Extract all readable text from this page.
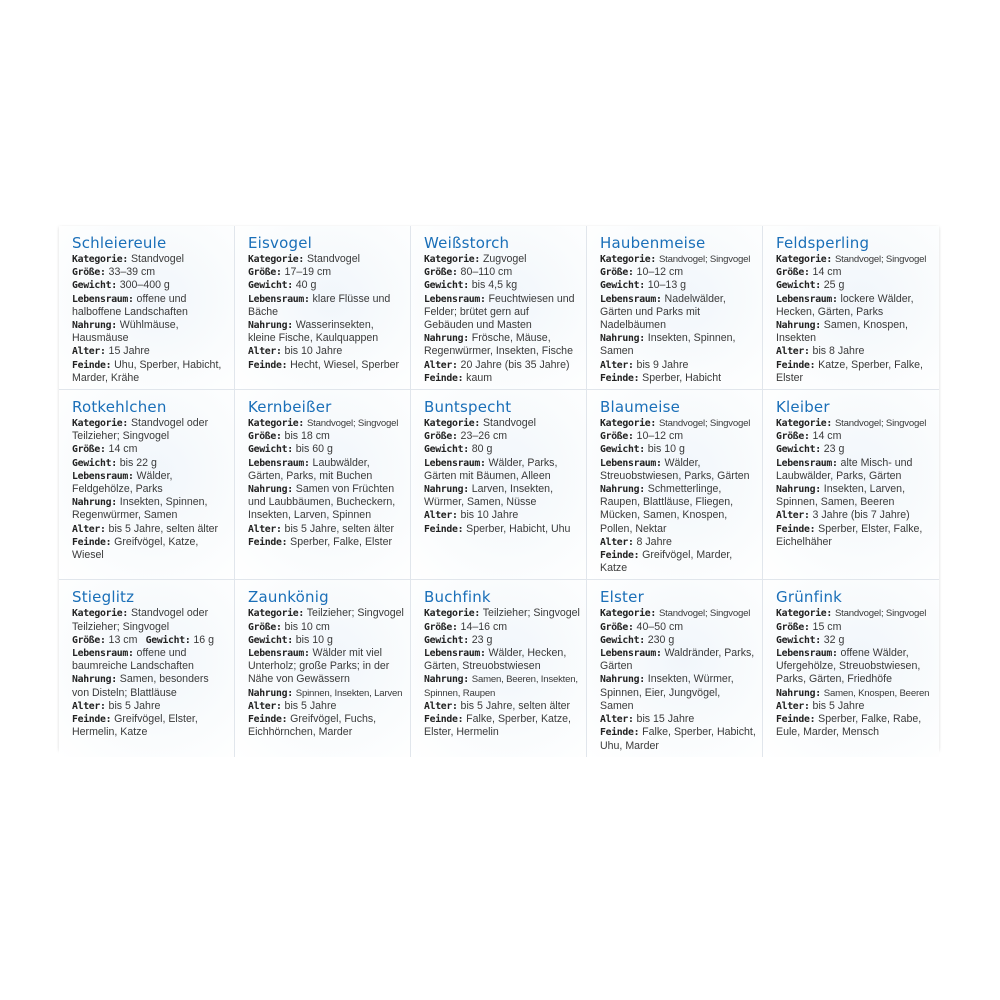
Schleiereule
Kategorie: Standvogel
Größe: 33–39 cm
Gewicht: 300–400 g
Lebensraum: offene und halboffene Landschaften
Nahrung: Wühlmäuse, Hausmäuse
Alter: 15 Jahre
Feinde: Uhu, Sperber, Habicht, Marder, Krähe
Eisvogel
Kategorie: Standvogel
Größe: 17–19 cm
Gewicht: 40 g
Lebensraum: klare Flüsse und Bäche
Nahrung: Wasserinsekten, kleine Fische, Kaulquappen
Alter: bis 10 Jahre
Feinde: Hecht, Wiesel, Sperber
Weißstorch
Kategorie: Zugvogel
Größe: 80–110 cm
Gewicht: bis 4,5 kg
Lebensraum: Feuchtwiesen und Felder; brütet gern auf Gebäuden und Masten
Nahrung: Frösche, Mäuse, Regenwürmer, Insekten, Fische
Alter: 20 Jahre (bis 35 Jahre)
Feinde: kaum
Haubenmeise
Kategorie: Standvogel; Singvogel
Größe: 10–12 cm
Gewicht: 10–13 g
Lebensraum: Nadelwälder, Gärten und Parks mit Nadelbäumen
Nahrung: Insekten, Spinnen, Samen
Alter: bis 9 Jahre
Feinde: Sperber, Habicht
Feldsperling
Kategorie: Standvogel; Singvogel
Größe: 14 cm
Gewicht: 25 g
Lebensraum: lockere Wälder, Hecken, Gärten, Parks
Nahrung: Samen, Knospen, Insekten
Alter: bis 8 Jahre
Feinde: Katze, Sperber, Falke, Elster
Rotkehlchen
Kategorie: Standvogel oder Teilzieher; Singvogel
Größe: 14 cm
Gewicht: bis 22 g
Lebensraum: Wälder, Feldgehölze, Parks
Nahrung: Insekten, Spinnen, Regenwürmer, Samen
Alter: bis 5 Jahre, selten älter
Feinde: Greifvögel, Katze, Wiesel
Kernbeißer
Kategorie: Standvogel; Singvogel
Größe: bis 18 cm
Gewicht: bis 60 g
Lebensraum: Laubwälder, Gärten, Parks, mit Buchen
Nahrung: Samen von Früchten und Laubbäumen, Bucheckern, Insekten, Larven, Spinnen
Alter: bis 5 Jahre, selten älter
Feinde: Sperber, Falke, Elster
Buntspecht
Kategorie: Standvogel
Größe: 23–26 cm
Gewicht: 80 g
Lebensraum: Wälder, Parks, Gärten mit Bäumen, Alleen
Nahrung: Larven, Insekten, Würmer, Samen, Nüsse
Alter: bis 10 Jahre
Feinde: Sperber, Habicht, Uhu
Blaumeise
Kategorie: Standvogel; Singvogel
Größe: 10–12 cm
Gewicht: bis 10 g
Lebensraum: Wälder, Streuobstwiesen, Parks, Gärten
Nahrung: Schmetterlinge, Raupen, Blattläuse, Fliegen, Mücken, Samen, Knospen, Pollen, Nektar
Alter: 8 Jahre
Feinde: Greifvögel, Marder, Katze
Kleiber
Kategorie: Standvogel; Singvogel
Größe: 14 cm
Gewicht: 23 g
Lebensraum: alte Misch- und Laubwälder, Parks, Gärten
Nahrung: Insekten, Larven, Spinnen, Samen, Beeren
Alter: 3 Jahre (bis 7 Jahre)
Feinde: Sperber, Elster, Falke, Eichelhäher
Stieglitz
Kategorie: Standvogel oder Teilzieher; Singvogel
Größe: 13 cm  Gewicht: 16 g
Lebensraum: offene und baumreiche Landschaften
Nahrung: Samen, besonders von Disteln; Blattläuse
Alter: bis 5 Jahre
Feinde: Greifvögel, Elster, Hermelin, Katze
Zaunkönig
Kategorie: Teilzieher; Singvogel
Größe: bis 10 cm
Gewicht: bis 10 g
Lebensraum: Wälder mit viel Unterholz; große Parks; in der Nähe von Gewässern
Nahrung: Spinnen, Insekten, Larven
Alter: bis 5 Jahre
Feinde: Greifvögel, Fuchs, Eichhörnchen, Marder
Buchfink
Kategorie: Teilzieher; Singvogel
Größe: 14–16 cm
Gewicht: 23 g
Lebensraum: Wälder, Hecken, Gärten, Streuobstwiesen
Nahrung: Samen, Beeren, Insekten, Spinnen, Raupen
Alter: bis 5 Jahre, selten älter
Feinde: Falke, Sperber, Katze, Elster, Hermelin
Elster
Kategorie: Standvogel; Singvogel
Größe: 40–50 cm
Gewicht: 230 g
Lebensraum: Waldränder, Parks, Gärten
Nahrung: Insekten, Würmer, Spinnen, Eier, Jungvögel, Samen
Alter: bis 15 Jahre
Feinde: Falke, Sperber, Habicht, Uhu, Marder
Grünfink
Kategorie: Standvogel; Singvogel
Größe: 15 cm
Gewicht: 32 g
Lebensraum: offene Wälder, Ufergehölze, Streuobstwiesen, Parks, Gärten, Friedhöfe
Nahrung: Samen, Knospen, Beeren
Alter: bis 5 Jahre
Feinde: Sperber, Falke, Rabe, Eule, Marder, Mensch
